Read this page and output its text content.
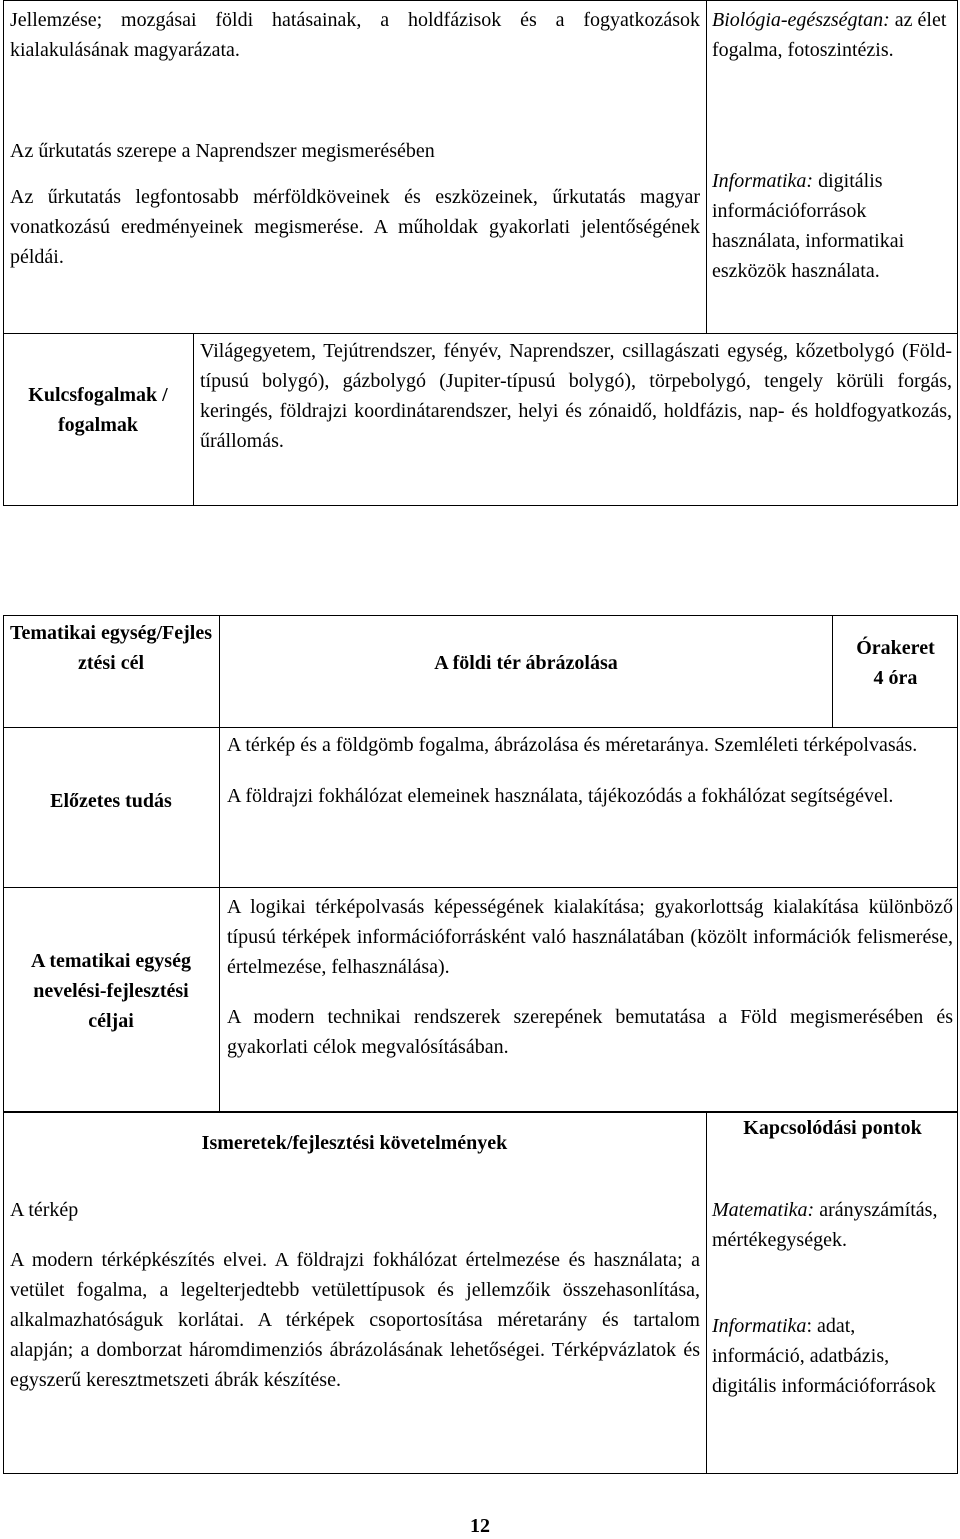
Jellemzése; mozgásai földi hatásainak, a holdfázisok és a fogyatkozások kialakulásának magyarázata.
Biológia-egészségtan: az élet fogalma, fotoszintézis.

Az űrkutatás szerepe a Naprendszer megismerésében

Az űrkutatás legfontosabb mérföldköveinek és eszközeinek, űrkutatás magyar vonatkozású eredményeinek megismerése. A műholdak gyakorlati jelentőségének példái.

Informatika: digitális információforrások használata, informatikai eszközök használata.
Kulcsfogalmak / fogalmak
Világegyetem, Tejútrendszer, fényév, Naprendszer, csillagászati egység, kőzetbolygó (Föld-típusú bolygó), gázbolygó (Jupiter-típusú bolygó), törpebolygó, tengely körüli forgás, keringés, földrajzi koordinátarendszer, helyi és zónaidő, holdfázis, nap- és holdfogyatkozás, űrállomás.
Tematikai egység/Fejlesztési cél	A földi tér ábrázolása

Órakeret

4 óra

Előzetes tudás

A térkép és a földgömb fogalma, ábrázolása és méretaránya. Szemléleti térképolvasás.

A földrajzi fokhálózat elemeinek használata, tájékozódás a fokhálózat segítségével.

A tematikai egység nevelési-fejlesztési céljai

A logikai térképolvasás képességének kialakítása; gyakorlottság kialakítása különböző típusú térképek információforrásként való használatában (közölt információk felismerése, értelmezése, felhasználása).

A modern technikai rendszerek szerepének bemutatása a Föld megismerésében és gyakorlati célok megvalósításában.

Ismeretek/fejlesztési követelmények
Kapcsolódási pontok

A térkép

A modern térképkészítés elvei. A földrajzi fokhálózat értelmezése és használata; a vetület fogalma, a legelterjedtebb vetülettípusok és jellemzőik összehasonlítása, alkalmazhatóságuk korlátai. A térképek csoportosítása méretarány és tartalom alapján; a domborzat háromdimenziós ábrázolásának lehetőségei. Térképvázlatok és egyszerű keresztmetszeti ábrák készítése.

Matematika: arányszámítás, mértékegységek.

Informatika: adat, információ, adatbázis, digitális információforrások

12
